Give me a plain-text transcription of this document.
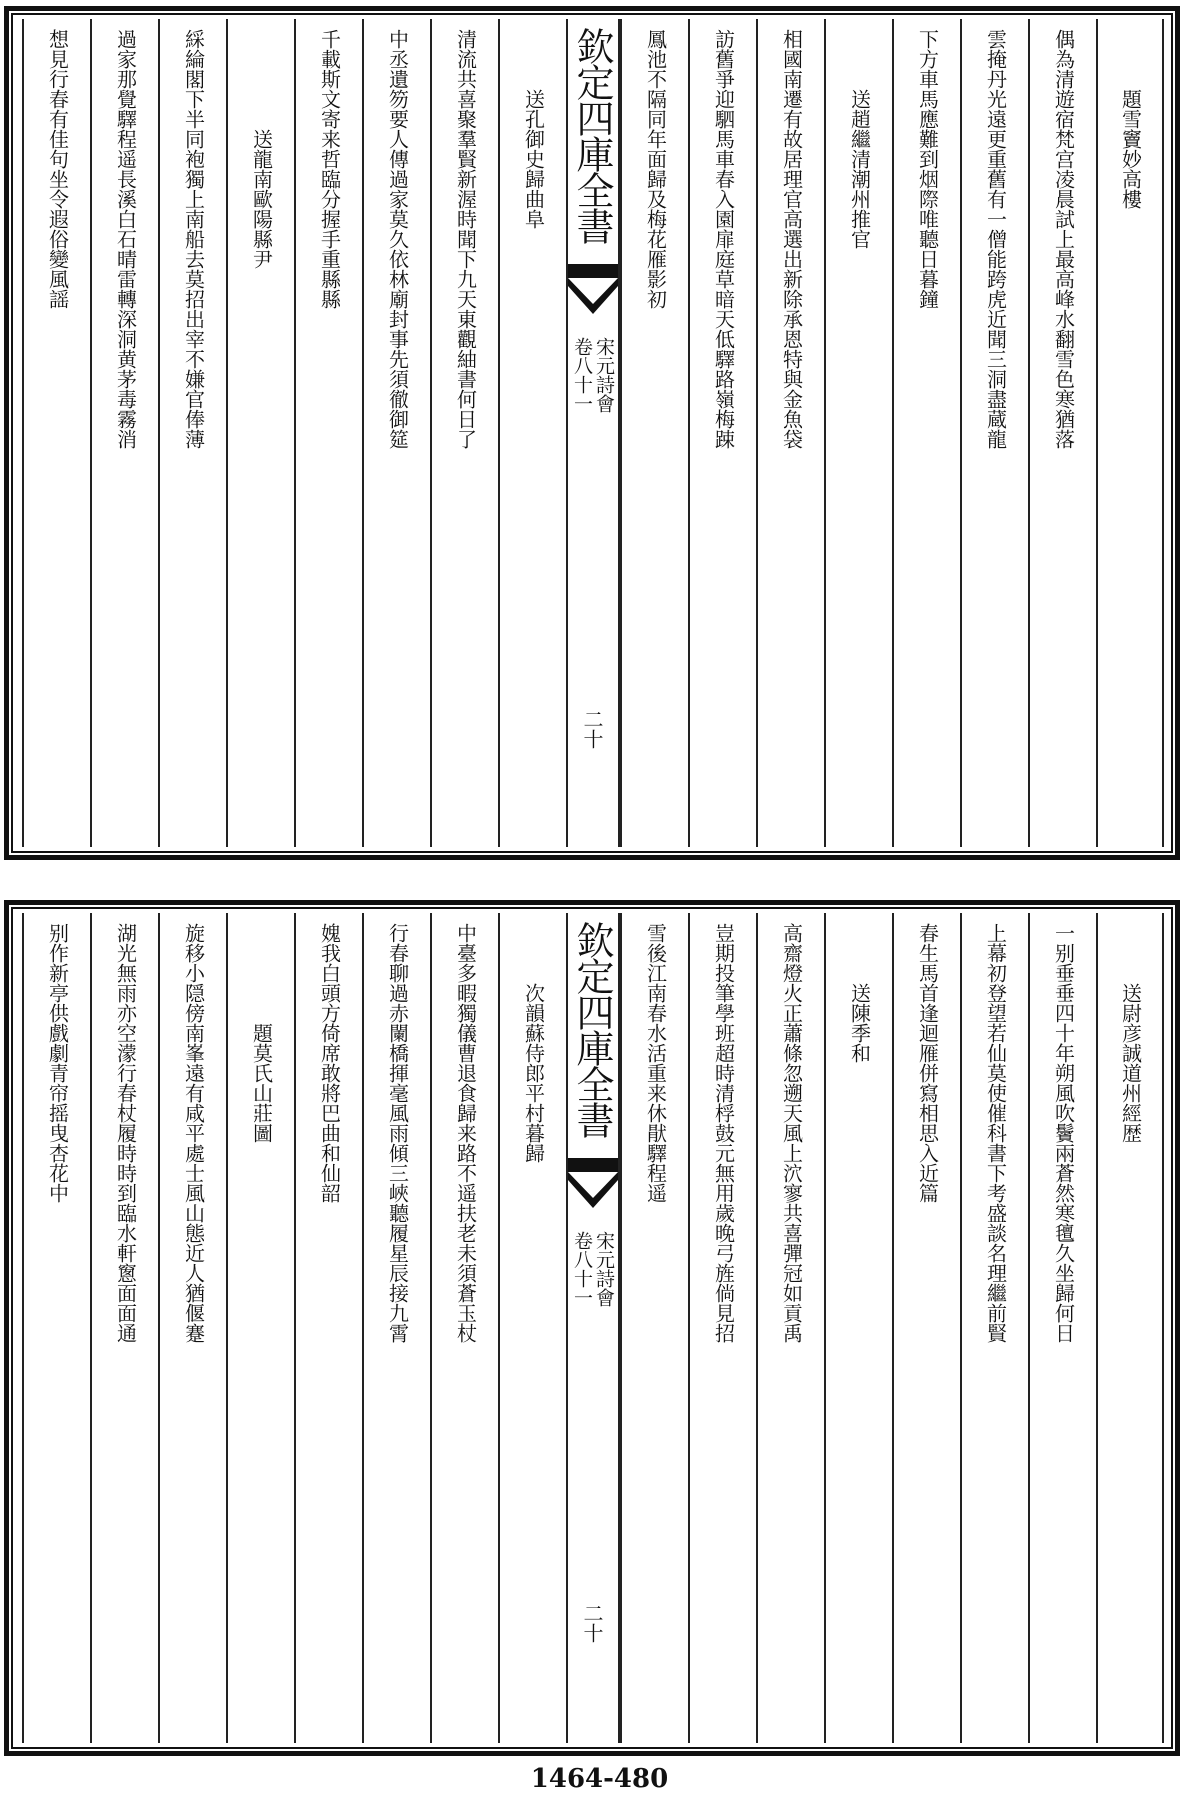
題雪竇妙高樓
偶為清遊宿梵宫凌晨試上最高峰水翻雪色寒猶落
雲掩丹光遠更重舊有一僧能跨虎近聞三洞盡蔵龍
下方車馬應難到烟際唯聽日暮鐘
送趙繼清潮州推官
相國南遷有故居理官高選出新除承恩特與金魚袋
訪舊爭迎駟馬車春入園扉庭草暗天低驛路嶺梅踈
鳳池不隔同年面歸及梅花雁影初
欽定四庫全書
卷八十一 宋元詩會
二十
送孔御史歸曲阜
清流共喜聚羣賢新渥時聞下九天東觀紬書何日了
中丞遺笏要人傳過家莫久依林廟封事先須徹御筵
千載斯文寄来哲臨分握手重縣縣
送龍南歐陽縣尹
綵綸閣下半同袍獨上南船去莫招出宰不嫌官俸薄
過家那覺驛程遥長溪白石晴雷轉深洞黄茅毒霧消
想見行春有佳句坐令遐俗變風謡
送尉彦誠道州經歴
一别垂垂四十年朔風吹鬢兩蒼然寒氊久坐歸何日
上幕初登望若仙莫使催科書下考盛談名理繼前賢
春生馬首逢迴雁併寫相思入近篇
送陳季和
高齋燈火正蕭條忽遡天風上泬寥共喜彈冠如貢禹
豈期投筆學班超時清桴鼓元無用歲晚弓旌倘見招
雪後江南春水活重来休猒驛程遥
欽定四庫全書
卷八十一 宋元詩會
二十
次韻蘇侍郎平村暮歸
中臺多暇獨儀曹退食歸来路不遥扶老未須蒼玉杖
行春聊過赤闌橋揮毫風雨傾三峽聽履星辰接九霄
媿我白頭方倚席敢將巴曲和仙韶
題莫氏山莊圖
旋移小隠傍南峯遠有咸平處士風山態近人猶偃蹇
湖光無雨亦空濛行春杖履時時到臨水軒窻面面通
别作新亭供戲劇青帘摇曳杏花中
1464-480
